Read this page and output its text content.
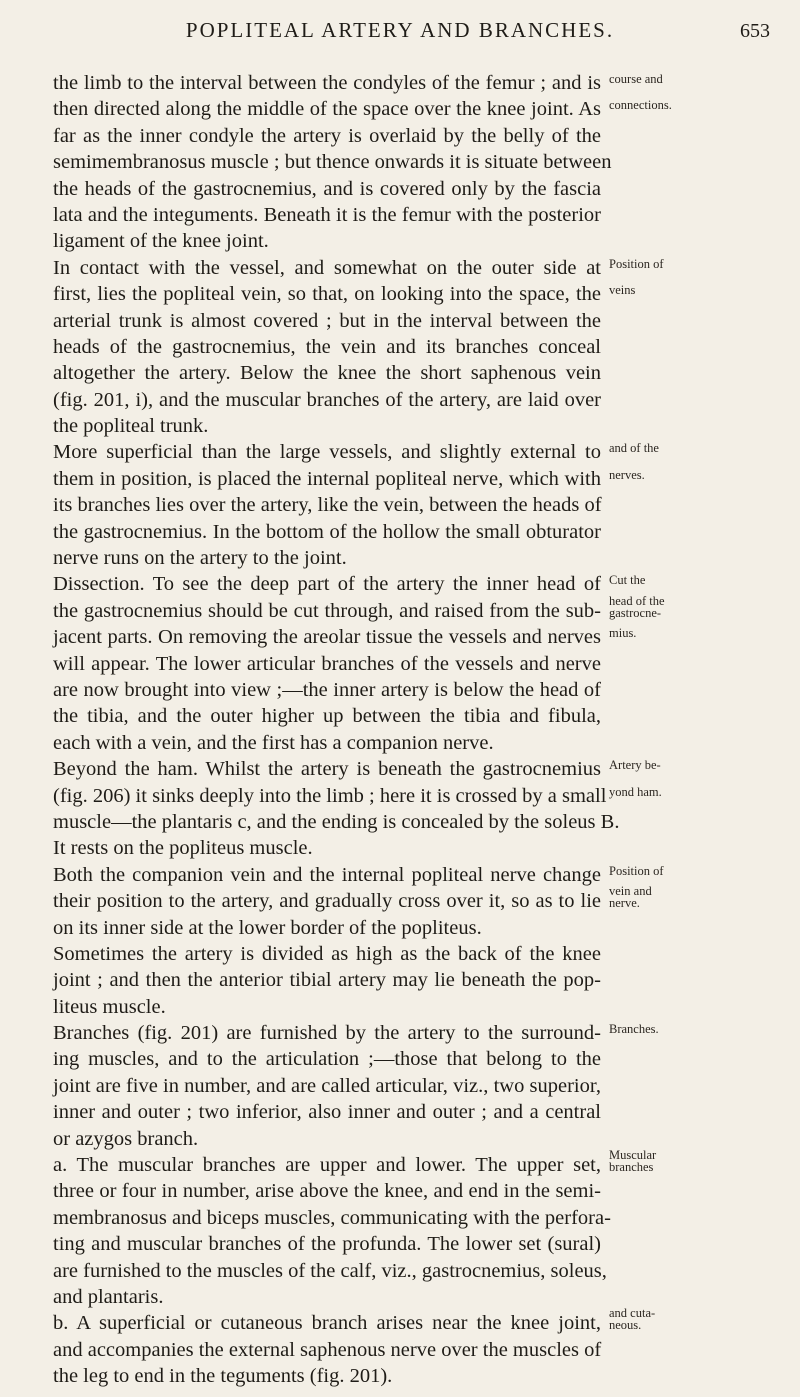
POPLITEAL ARTERY AND BRANCHES.	653
the limb to the interval between the condyles of the femur ; and is course and
then directed along the middle of the space over the knee joint. As connections.
far as the inner condyle the artery is overlaid by the belly of the
semimembranosus muscle ; but thence onwards it is situate between
the heads of the gastrocnemius, and is covered only by the fascia
lata and the integuments. Beneath it is the femur with the posterior
ligament of the knee joint.
In contact with the vessel, and somewhat on the outer side at Position of
first, lies the popliteal vein, so that, on looking into the space, the veins
arterial trunk is almost covered ; but in the interval between the
heads of the gastrocnemius, the vein and its branches conceal
altogether the artery. Below the knee the short saphenous vein
(fig. 201, i), and the muscular branches of the artery, are laid over
the popliteal trunk.
More superficial than the large vessels, and slightly external to and of the
them in position, is placed the internal popliteal nerve, which with nerves.
its branches lies over the artery, like the vein, between the heads of
the gastrocnemius. In the bottom of the hollow the small obturator
nerve runs on the artery to the joint.
Dissection. To see the deep part of the artery the inner head of Cut the
the gastrocnemius should be cut through, and raised from the sub- head of the
gastrocne-
jacent parts. On removing the areolar tissue the vessels and nerves mius.
will appear. The lower articular branches of the vessels and nerve
are now brought into view ;—the inner artery is below the head of
the tibia, and the outer higher up between the tibia and fibula,
each with a vein, and the first has a companion nerve.
Beyond the ham. Whilst the artery is beneath the gastrocnemius Artery be-
(fig. 206) it sinks deeply into the limb ; here it is crossed by a small yond ham.
muscle—the plantaris c, and the ending is concealed by the soleus B.
It rests on the popliteus muscle.
Both the companion vein and the internal popliteal nerve change Position of
their position to the artery, and gradually cross over it, so as to lie vein and
nerve.
on its inner side at the lower border of the popliteus.
Sometimes the artery is divided as high as the back of the knee
joint ; and then the anterior tibial artery may lie beneath the pop-
liteus muscle.
Branches (fig. 201) are furnished by the artery to the surround- Branches.
ing muscles, and to the articulation ;—those that belong to the
joint are five in number, and are called articular, viz., two superior,
inner and outer ; two inferior, also inner and outer ; and a central
or azygos branch.
a. The muscular branches are upper and lower. The upper set, Muscular
branches
three or four in number, arise above the knee, and end in the semi-
membranosus and biceps muscles, communicating with the perfora-
ting and muscular branches of the profunda. The lower set (sural)
are furnished to the muscles of the calf, viz., gastrocnemius, soleus,
and plantaris.
b. A superficial or cutaneous branch arises near the knee joint, and cuta-
neous.
and accompanies the external saphenous nerve over the muscles of
the leg to end in the teguments (fig. 201).
